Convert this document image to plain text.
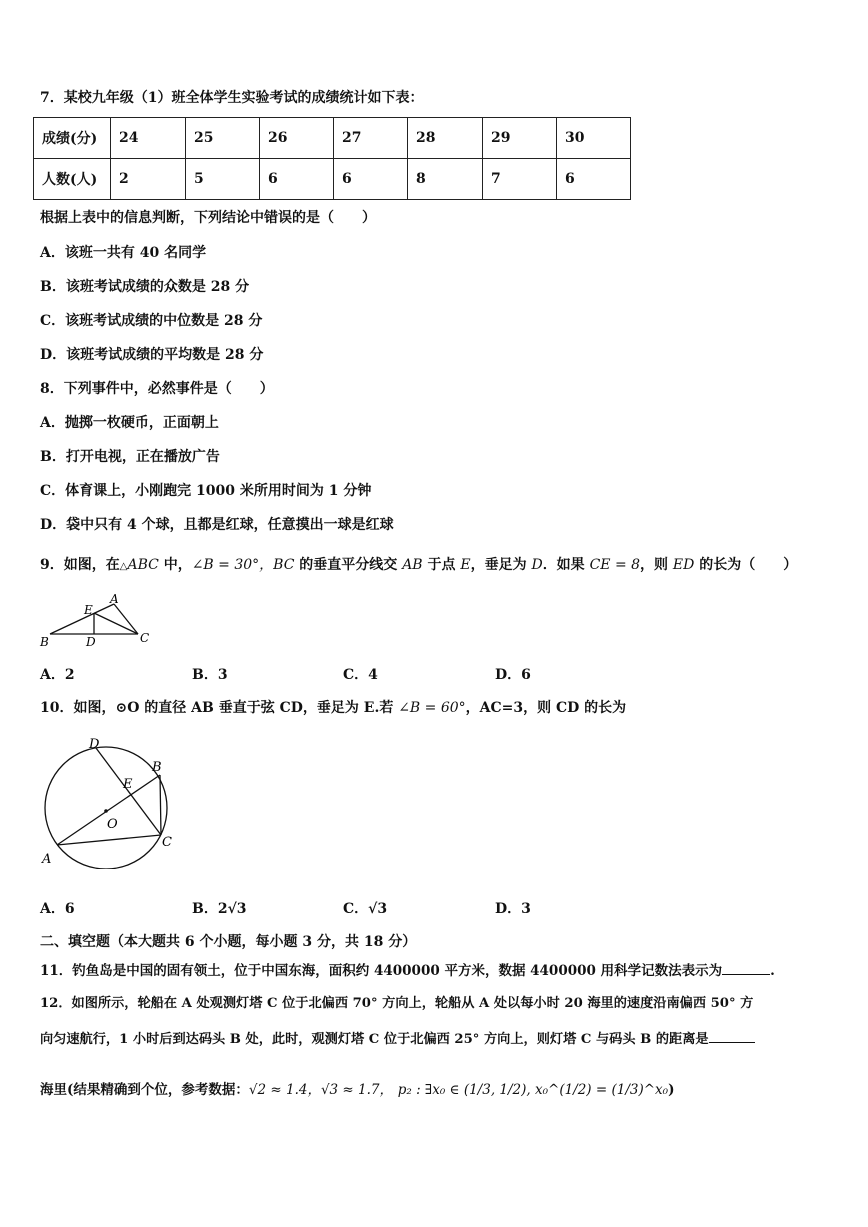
7．某校九年级（1）班全体学生实验考试的成绩统计如下表：
成绩(分)	24	25	26	27	28	29	30
人数(人)	2	5	6	6	8	7	6
根据上表中的信息判断，下列结论中错误的是（　　）
A．该班一共有 40 名同学
B．该班考试成绩的众数是 28 分
C．该班考试成绩的中位数是 28 分
D．该班考试成绩的平均数是 28 分
8．下列事件中，必然事件是（　　）
A．抛掷一枚硬币，正面朝上
B．打开电视，正在播放广告
C．体育课上，小刚跑完 1000 米所用时间为 1 分钟
D．袋中只有 4 个球，且都是红球，任意摸出一球是红球
9．如图，在△ABC 中，∠B = 30°，BC 的垂直平分线交 AB 于点 E，垂足为 D．如果 CE = 8，则 ED 的长为（　　）
A
E
B	D	C
A．2	B．3	C．4	D．6
10．如图，⊙O 的直径 AB 垂直于弦 CD，垂足为 E.若 ∠B = 60°，AC=3，则 CD 的长为
D
B
E
O
C
A
A．6	B．2√3	C．√3	D．3
二、填空题（本大题共 6 个小题，每小题 3 分，共 18 分）
11．钓鱼岛是中国的固有领土，位于中国东海，面积约 4400000 平方米，数据 4400000 用科学记数法表示为	.
12．如图所示，轮船在 A 处观测灯塔 C 位于北偏西 70° 方向上，轮船从 A 处以每小时 20 海里的速度沿南偏西 50° 方
向匀速航行，1 小时后到达码头 B 处，此时，观测灯塔 C 位于北偏西 25° 方向上，则灯塔 C 与码头 B 的距离是
海里(结果精确到个位，参考数据：√2 ≈ 1.4，√3 ≈ 1.7， p₂ : ∃x₀ ∈ (1/3, 1/2), x₀^(1/2) = (1/3)^x₀)
